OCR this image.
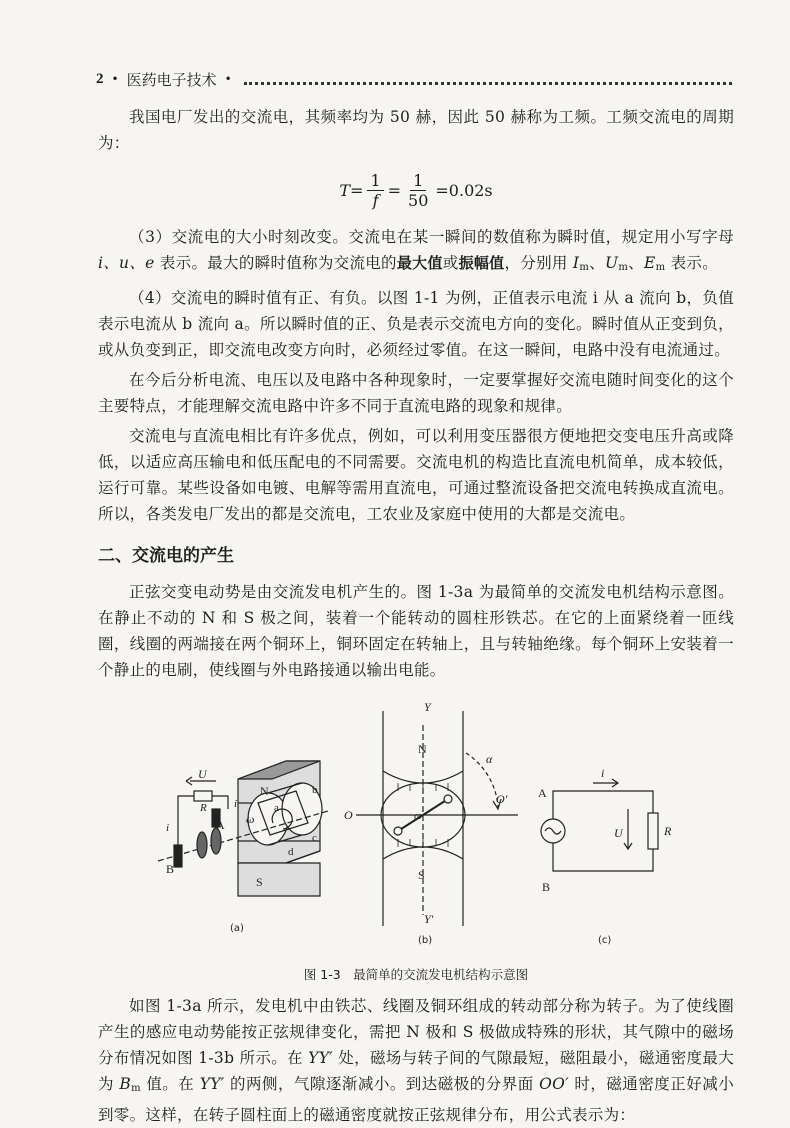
2 • 医药电子技术 •

我国电厂发出的交流电，其频率均为 50 赫，因此 50 赫称为工频。工频交流电的周期为：

$T= \frac{1}{f} = \frac{1}{50} =0.02s$

（3）交流电的大小时刻改变。交流电在某一瞬间的数值称为瞬时值，规定用小写字母 i、u、e 表示。最大的瞬时值称为交流电的最大值或振幅值，分别用 $I_m$、$U_m$、$E_m$ 表示。

（4）交流电的瞬时值有正、有负。以图 1-1 为例，正值表示电流 i 从 a 流向 b，负值表示电流从 b 流向 a。所以瞬时值的正、负是表示交流电方向的变化。瞬时值从正变到负，或从负变到正，即交流电改变方向时，必须经过零值。在这一瞬间，电路中没有电流通过。

在今后分析电流、电压以及电路中各种现象时，一定要掌握好交流电随时间变化的这个主要特点，才能理解交流电路中许多不同于直流电路的现象和规律。

交流电与直流电相比有许多优点，例如，可以利用变压器很方便地把交变电压升高或降低，以适应高压输电和低压配电的不同需要。交流电机的构造比直流电机简单，成本较低，运行可靠。某些设备如电镀、电解等需用直流电，可通过整流设备把交流电转换成直流电。所以，各类发电厂发出的都是交流电，工农业及家庭中使用的大都是交流电。

二、交流电的产生

正弦交变电动势是由交流发电机产生的。图 1-3a 为最简单的交流发电机结构示意图。在静止不动的 N 和 S 极之间，装着一个能转动的圆柱形铁芯。在它的上面紧绕着一匝线圈，线圈的两端接在两个铜环上，铜环固定在转轴上，且与转轴绝缘。每个铜环上安装着一个静止的电刷，使线圈与外电路接通以输出电能。

N
S
U
R
i
i
A
B
b
c
d
a
ω
(a)
Y
Y′
N
S
O
O′
α
ω
(b)
A
B
i
U	R
(c)
图 1-3　最简单的交流发电机结构示意图

如图 1-3a 所示，发电机中由铁芯、线圈及铜环组成的转动部分称为转子。为了使线圈产生的感应电动势能按正弦规律变化，需把 N 极和 S 极做成特殊的形状，其气隙中的磁场分布情况如图 1-3b 所示。在 YY′ 处，磁场与转子间的气隙最短，磁阻最小，磁通密度最大为 $B_m$ 值。在 YY′ 的两侧，气隙逐渐减小。到达磁极的分界面 OO′ 时，磁通密度正好减小到零。这样，在转子圆柱面上的磁通密度就按正弦规律分布，用公式表示为：
